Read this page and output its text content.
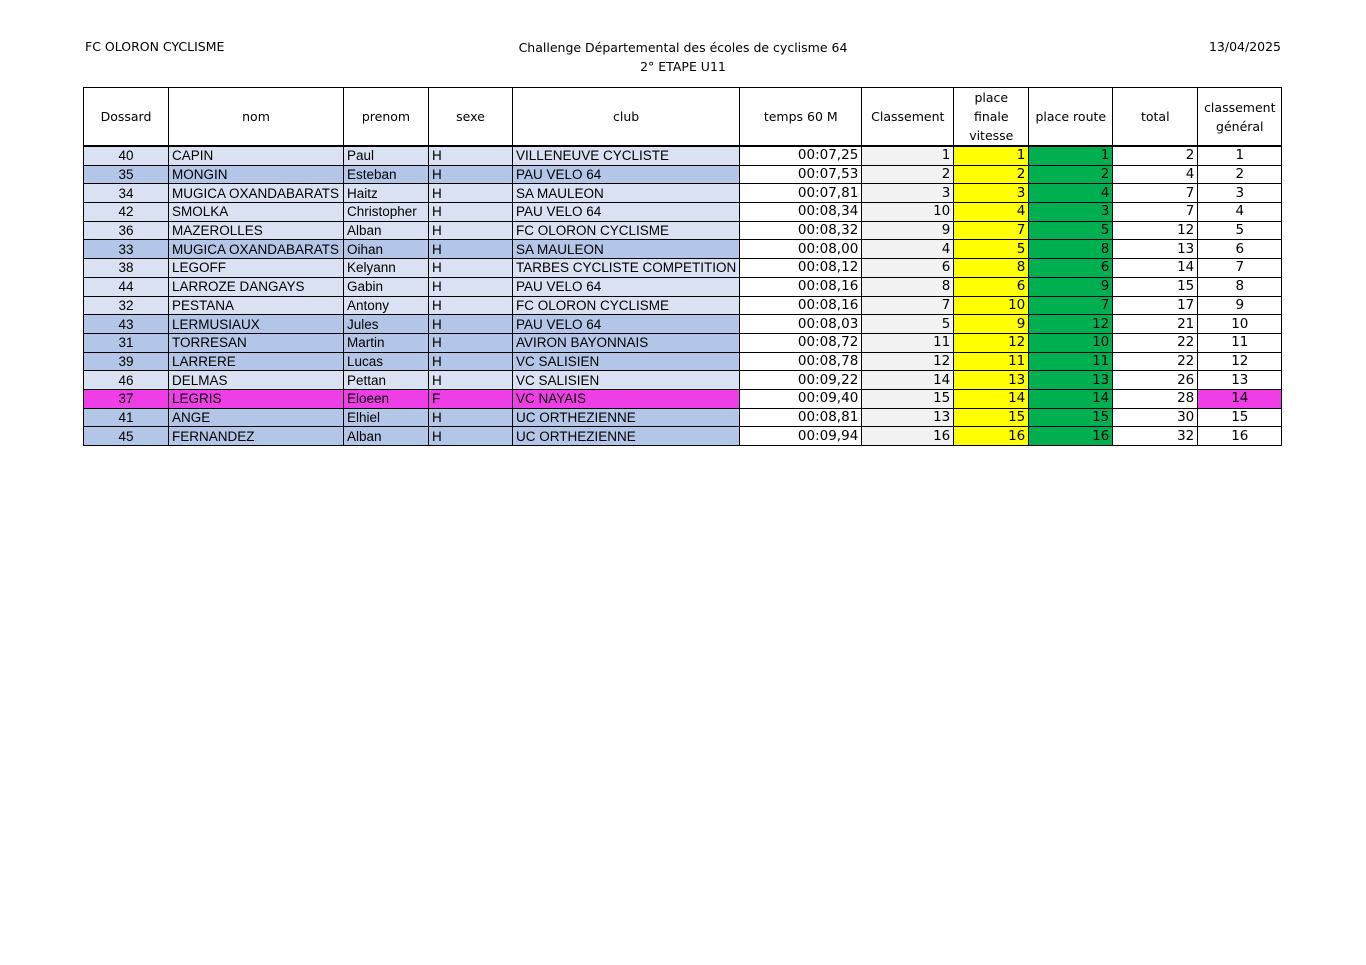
FC OLORON CYCLISME	Challenge Départemental des écoles de cyclisme 64
2° ETAPE U11
13/04/2025
Dossard	nom	prenom	sexe	club	temps 60 M	Classement	place finale vitesse	place route	total	classement général
40	CAPIN	Paul	H	VILLENEUVE CYCLISTE	00:07,25	1	1	1	2	1
35	MONGIN	Esteban	H	PAU VELO 64	00:07,53	2	2	2	4	2
34	MUGICA OXANDABARATS	Haitz	H	SA MAULEON	00:07,81	3	3	4	7	3
42	SMOLKA	Christopher	H	PAU VELO 64	00:08,34	10	4	3	7	4
36	MAZEROLLES	Alban	H	FC OLORON CYCLISME	00:08,32	9	7	5	12	5
33	MUGICA OXANDABARATS	Oihan	H	SA MAULEON	00:08,00	4	5	8	13	6
38	LEGOFF	Kelyann	H	TARBES CYCLISTE COMPETITION	00:08,12	6	8	6	14	7
44	LARROZE DANGAYS	Gabin	H	PAU VELO 64	00:08,16	8	6	9	15	8
32	PESTANA	Antony	H	FC OLORON CYCLISME	00:08,16	7	10	7	17	9
43	LERMUSIAUX	Jules	H	PAU VELO 64	00:08,03	5	9	12	21	10
31	TORRESAN	Martin	H	AVIRON BAYONNAIS	00:08,72	11	12	10	22	11
39	LARRERE	Lucas	H	VC SALISIEN	00:08,78	12	11	11	22	12
46	DELMAS	Pettan	H	VC SALISIEN	00:09,22	14	13	13	26	13
37	LEGRIS	Eloeen	F	VC NAYAIS	00:09,40	15	14	14	28	14
41	ANGE	Elhiel	H	UC ORTHEZIENNE	00:08,81	13	15	15	30	15
45	FERNANDEZ	Alban	H	UC ORTHEZIENNE	00:09,94	16	16	16	32	16
